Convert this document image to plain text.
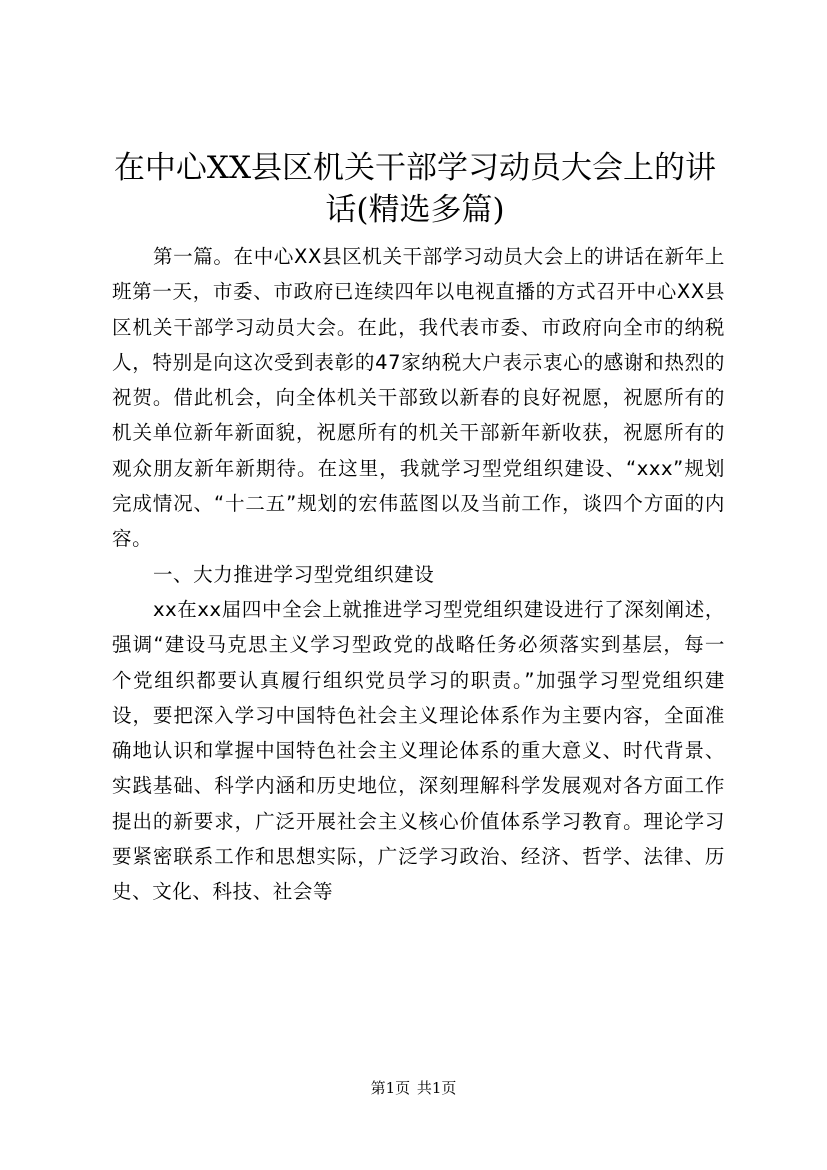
在中心XX县区机关干部学习动员大会上的讲话(精选多篇)

第一篇。在中心XX县区机关干部学习动员大会上的讲话在新年上班第一天，市委、市政府已连续四年以电视直播的方式召开中心XX县区机关干部学习动员大会。在此，我代表市委、市政府向全市的纳税人，特别是向这次受到表彰的47家纳税大户表示衷心的感谢和热烈的祝贺。借此机会，向全体机关干部致以新春的良好祝愿，祝愿所有的机关单位新年新面貌，祝愿所有的机关干部新年新收获，祝愿所有的观众朋友新年新期待。在这里，我就学习型党组织建设、“xxx”规划完成情况、“十二五”规划的宏伟蓝图以及当前工作，谈四个方面的内容。

一、大力推进学习型党组织建设

xx在xx届四中全会上就推进学习型党组织建设进行了深刻阐述，强调“建设马克思主义学习型政党的战略任务必须落实到基层，每一个党组织都要认真履行组织党员学习的职责。”加强学习型党组织建设，要把深入学习中国特色社会主义理论体系作为主要内容，全面准确地认识和掌握中国特色社会主义理论体系的重大意义、时代背景、实践基础、科学内涵和历史地位，深刻理解科学发展观对各方面工作提出的新要求，广泛开展社会主义核心价值体系学习教育。理论学习要紧密联系工作和思想实际，广泛学习政治、经济、哲学、法律、历史、文化、科技、社会等

第1页 共1页
